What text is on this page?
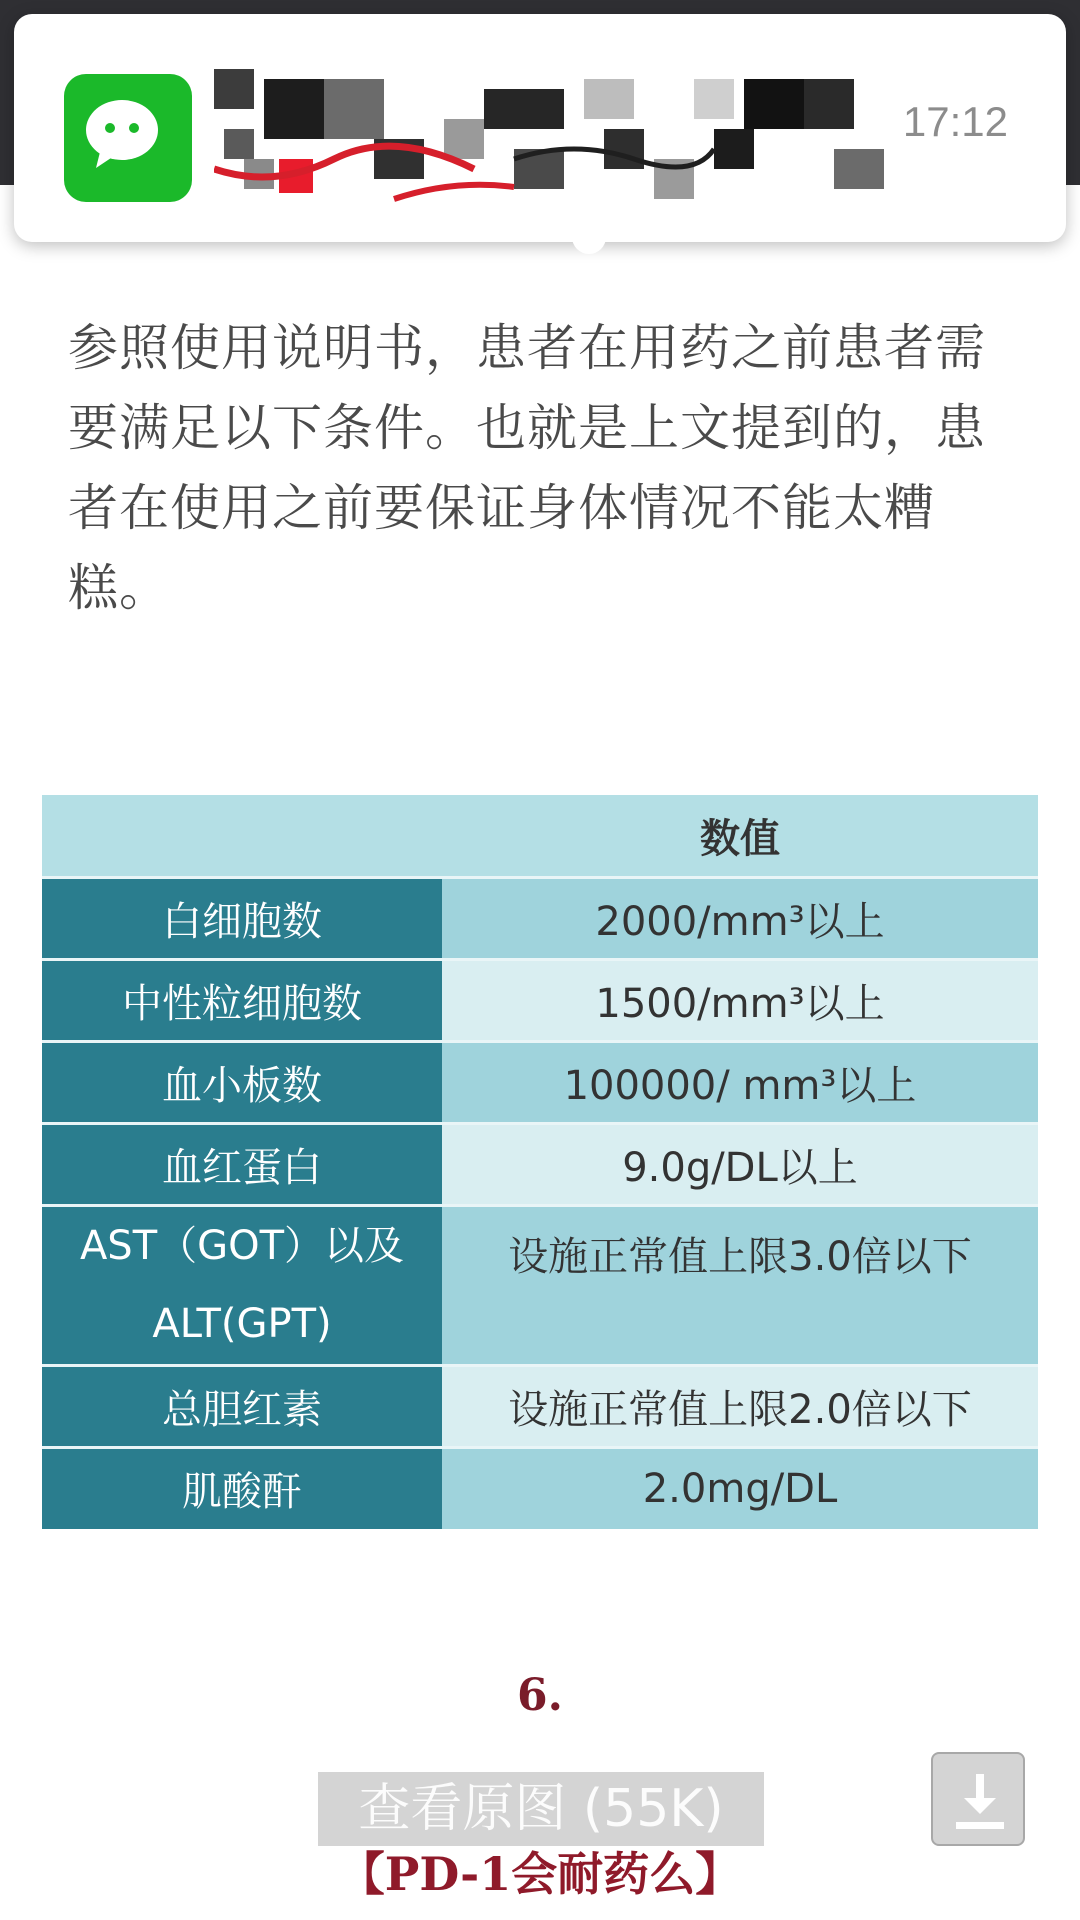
17:12
参照使用说明书，患者在用药之前患者需要满足以下条件。也就是上文提到的，患者在使用之前要保证身体情况不能太糟糕。
	数值
白细胞数	2000/mm³以上
中性粒细胞数	1500/mm³以上
血小板数	100000/ mm³以上
血红蛋白	9.0g/DL以上
AST（GOT）以及ALT(GPT)	设施正常值上限3.0倍以下
总胆红素	设施正常值上限2.0倍以下
肌酸酐	2.0mg/DL
6.
查看原图 (55K)
【PD-1会耐药么】
